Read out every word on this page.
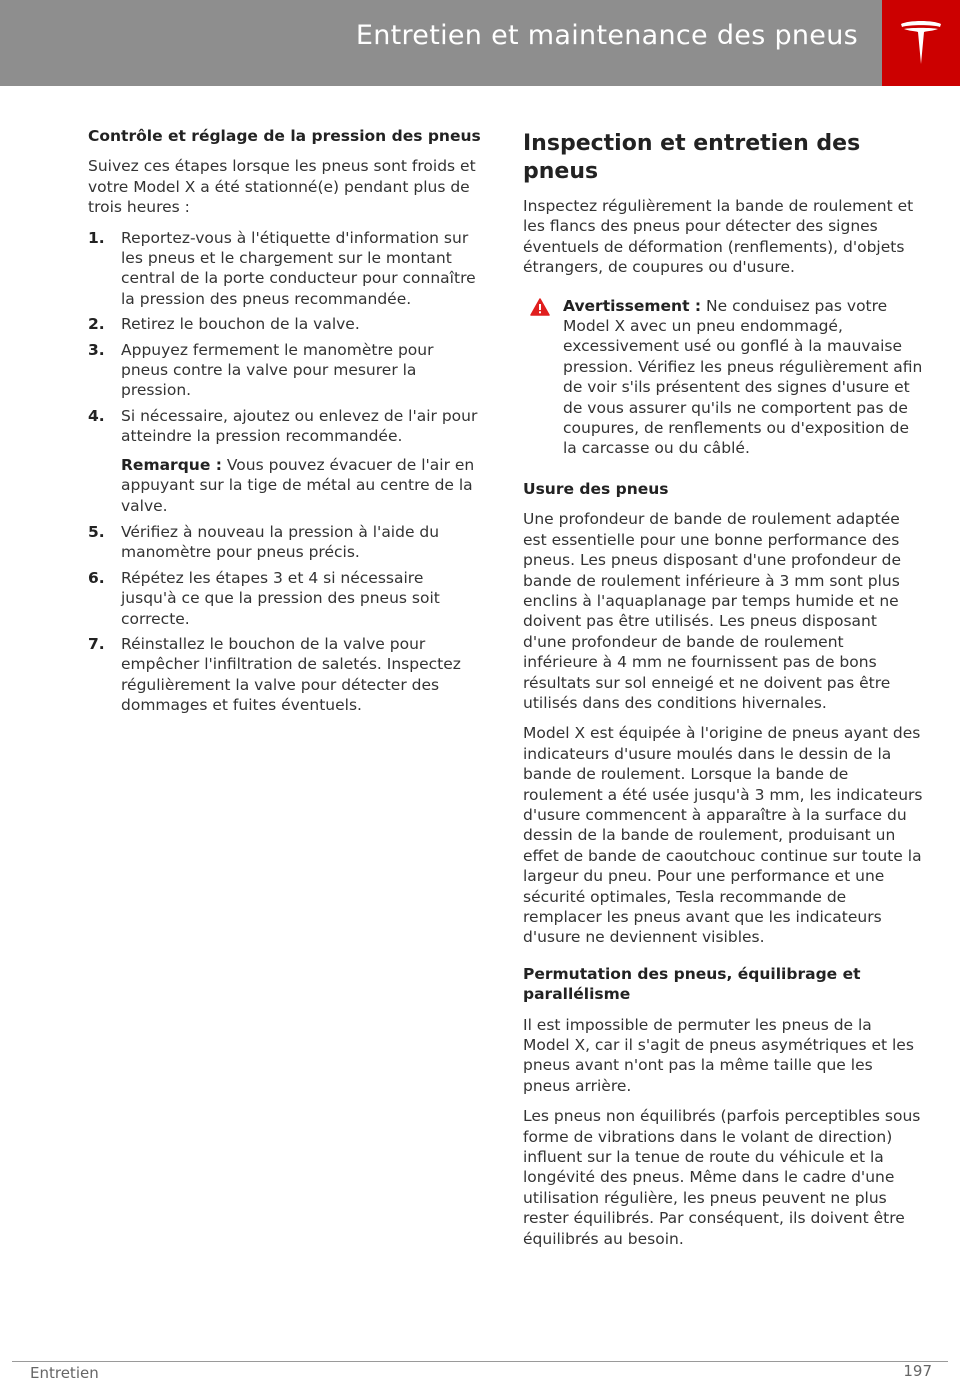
Entretien et maintenance des pneus
Contrôle et réglage de la pression des pneus

Suivez ces étapes lorsque les pneus sont froids et votre Model X a été stationné(e) pendant plus de trois heures :

1.	Reportez-vous à l'étiquette d'information sur les pneus et le chargement sur le montant central de la porte conducteur pour connaître la pression des pneus recommandée.
2.	Retirez le bouchon de la valve.
3.	Appuyez fermement le manomètre pour pneus contre la valve pour mesurer la pression.
4.	Si nécessaire, ajoutez ou enlevez de l'air pour atteindre la pression recommandée.
Remarque : Vous pouvez évacuer de l'air en appuyant sur la tige de métal au centre de la valve.
5.	Vérifiez à nouveau la pression à l'aide du manomètre pour pneus précis.
6.	Répétez les étapes 3 et 4 si nécessaire jusqu'à ce que la pression des pneus soit correcte.
7.	Réinstallez le bouchon de la valve pour empêcher l'infiltration de saletés. Inspectez régulièrement la valve pour détecter des dommages et fuites éventuels.
Inspection et entretien des pneus

Inspectez régulièrement la bande de roulement et les flancs des pneus pour détecter des signes éventuels de déformation (renflements), d'objets étrangers, de coupures ou d'usure.

Avertissement : Ne conduisez pas votre Model X avec un pneu endommagé, excessivement usé ou gonflé à la mauvaise pression. Vérifiez les pneus régulièrement afin de voir s'ils présentent des signes d'usure et de vous assurer qu'ils ne comportent pas de coupures, de renflements ou d'exposition de la carcasse ou du câblé.
Usure des pneus

Une profondeur de bande de roulement adaptée est essentielle pour une bonne performance des pneus. Les pneus disposant d'une profondeur de bande de roulement inférieure à 3 mm sont plus enclins à l'aquaplanage par temps humide et ne doivent pas être utilisés. Les pneus disposant d'une profondeur de bande de roulement inférieure à 4 mm ne fournissent pas de bons résultats sur sol enneigé et ne doivent pas être utilisés dans des conditions hivernales.

Model X est équipée à l'origine de pneus ayant des indicateurs d'usure moulés dans le dessin de la bande de roulement. Lorsque la bande de roulement a été usée jusqu'à 3 mm, les indicateurs d'usure commencent à apparaître à la surface du dessin de la bande de roulement, produisant un effet de bande de caoutchouc continue sur toute la largeur du pneu. Pour une performance et une sécurité optimales, Tesla recommande de remplacer les pneus avant que les indicateurs d'usure ne deviennent visibles.

Permutation des pneus, équilibrage et parallélisme

Il est impossible de permuter les pneus de la Model X, car il s'agit de pneus asymétriques et les pneus avant n'ont pas la même taille que les pneus arrière.

Les pneus non équilibrés (parfois perceptibles sous forme de vibrations dans le volant de direction) influent sur la tenue de route du véhicule et la longévité des pneus. Même dans le cadre d'une utilisation régulière, les pneus peuvent ne plus rester équilibrés. Par conséquent, ils doivent être équilibrés au besoin.

Entretien	197
